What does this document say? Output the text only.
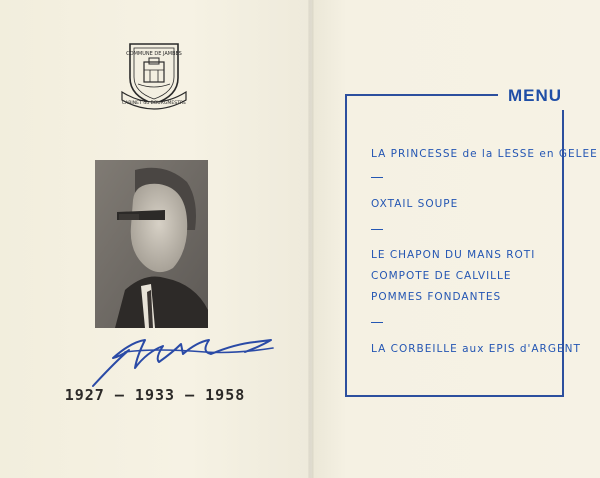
COMMUNE DE JAMBES
CABINET du BOURGMESTRE
1927 – 1933 – 1958
MENU
LA PRINCESSE de la LESSE en GELEE
OXTAIL SOUPE
LE CHAPON DU MANS ROTI
COMPOTE DE CALVILLE
POMMES FONDANTES
LA CORBEILLE aux EPIS d'ARGENT
